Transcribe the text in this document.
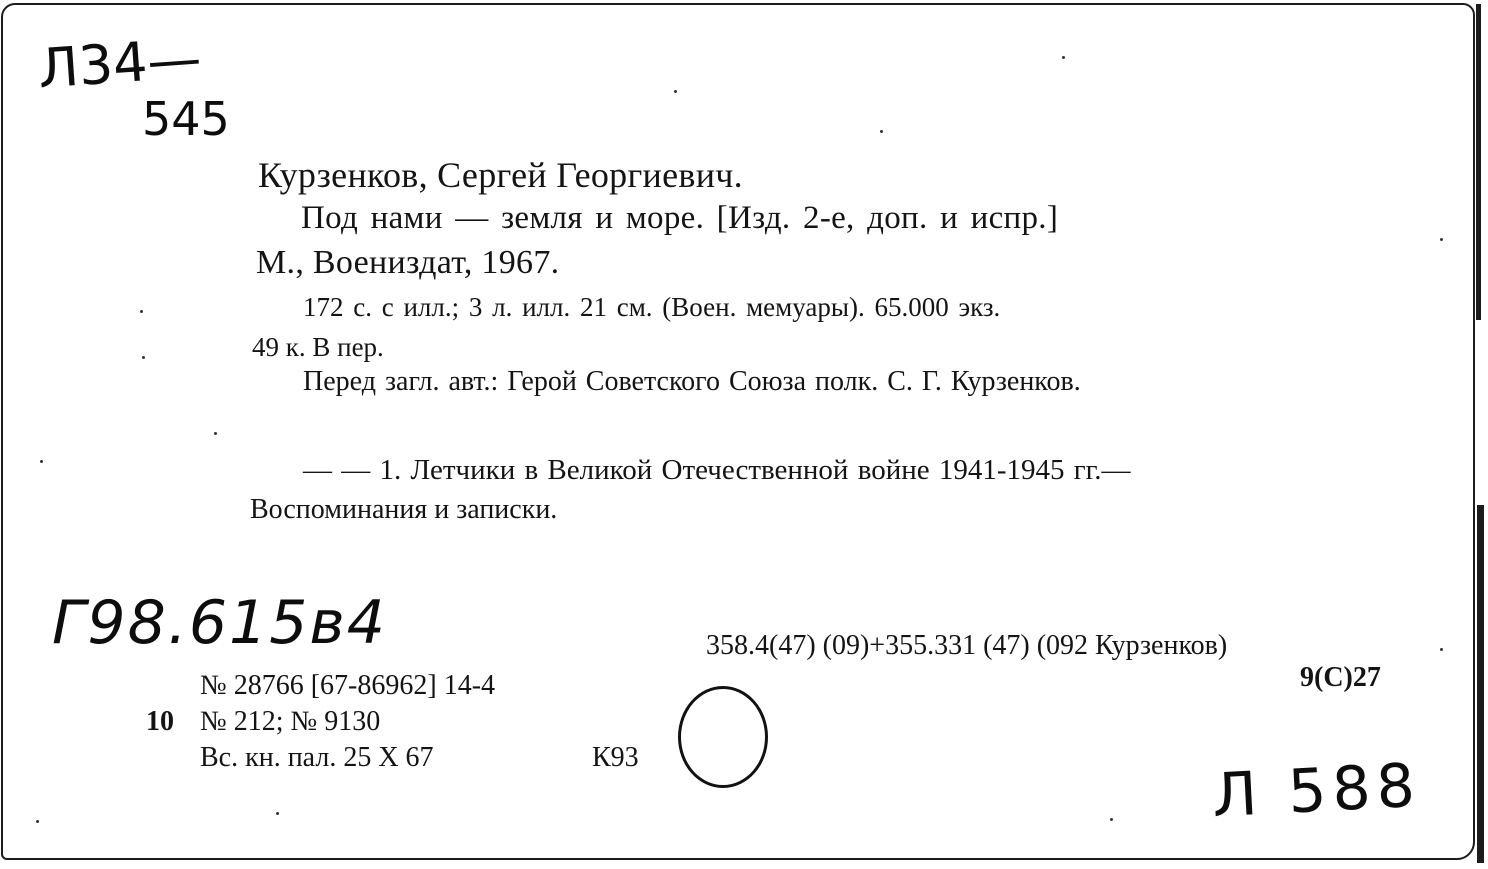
Л34—
545
Курзенков, Сергей Георгиевич.
Под нами — земля и море. [Изд. 2-е, доп. и испр.]
М., Воениздат, 1967.
172 с. с илл.; 3 л. илл. 21 см. (Воен. мемуары). 65.000 экз.
49 к. В пер.
Перед загл. авт.: Герой Советского Союза полк. С. Г. Курзенков.
— — 1. Летчики в Великой Отечественной войне 1941-1945 гг.—
Воспоминания и записки.
Г98.615в4	358.4(47) (09)+355.331 (47) (092 Курзенков)
9(С)27
№ 28766 [67-86962] 14-4
10 № 212; № 9130
Вс. кн. пал. 25 X 67	К93	Л 588
